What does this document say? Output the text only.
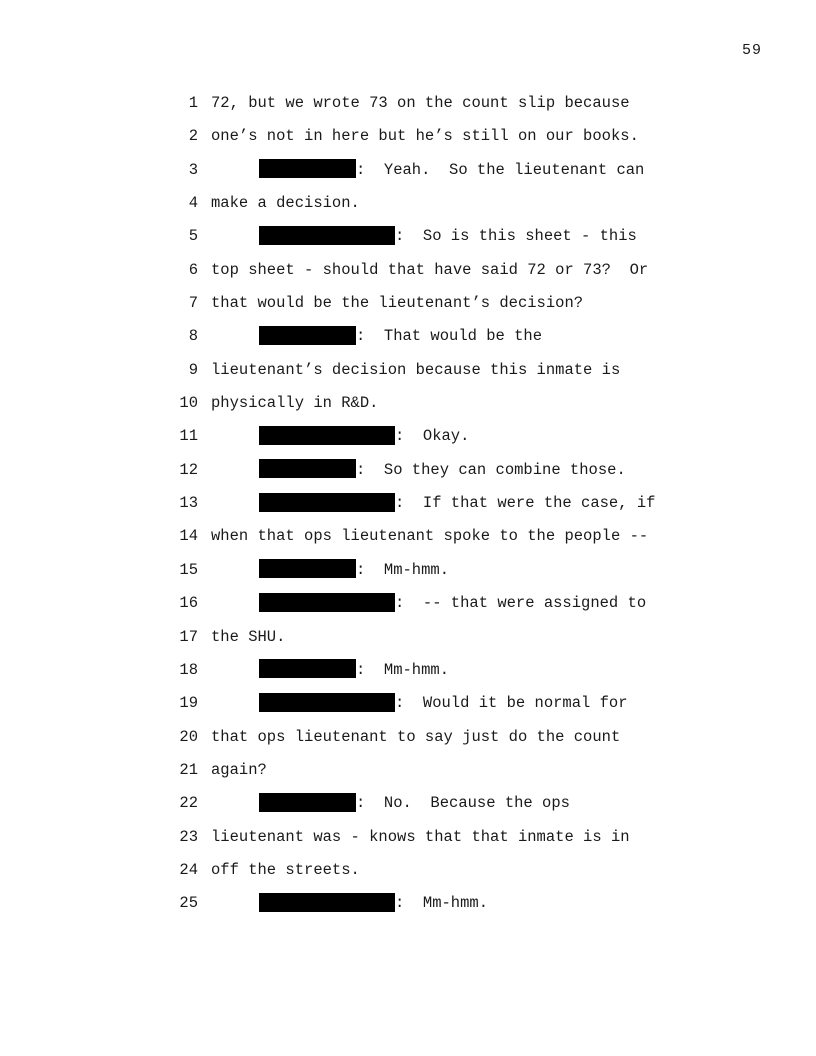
59

1 72, but we wrote 73 on the count slip because
2 one’s not in here but he’s still on our books.
3	:  Yeah.  So the lieutenant can
4 make a decision.
5	:  So is this sheet - this
6 top sheet - should that have said 72 or 73?  Or
7 that would be the lieutenant’s decision?
8	:  That would be the
9 lieutenant’s decision because this inmate is
10 physically in R&D.
11	:  Okay.
12	:  So they can combine those.
13	:  If that were the case, if
14 when that ops lieutenant spoke to the people --
15	:  Mm-hmm.
16	:  -- that were assigned to
17 the SHU.
18	:  Mm-hmm.
19	:  Would it be normal for
20 that ops lieutenant to say just do the count
21 again?
22	:  No.  Because the ops
23 lieutenant was - knows that that inmate is in
24 off the streets.
25	:  Mm-hmm.
